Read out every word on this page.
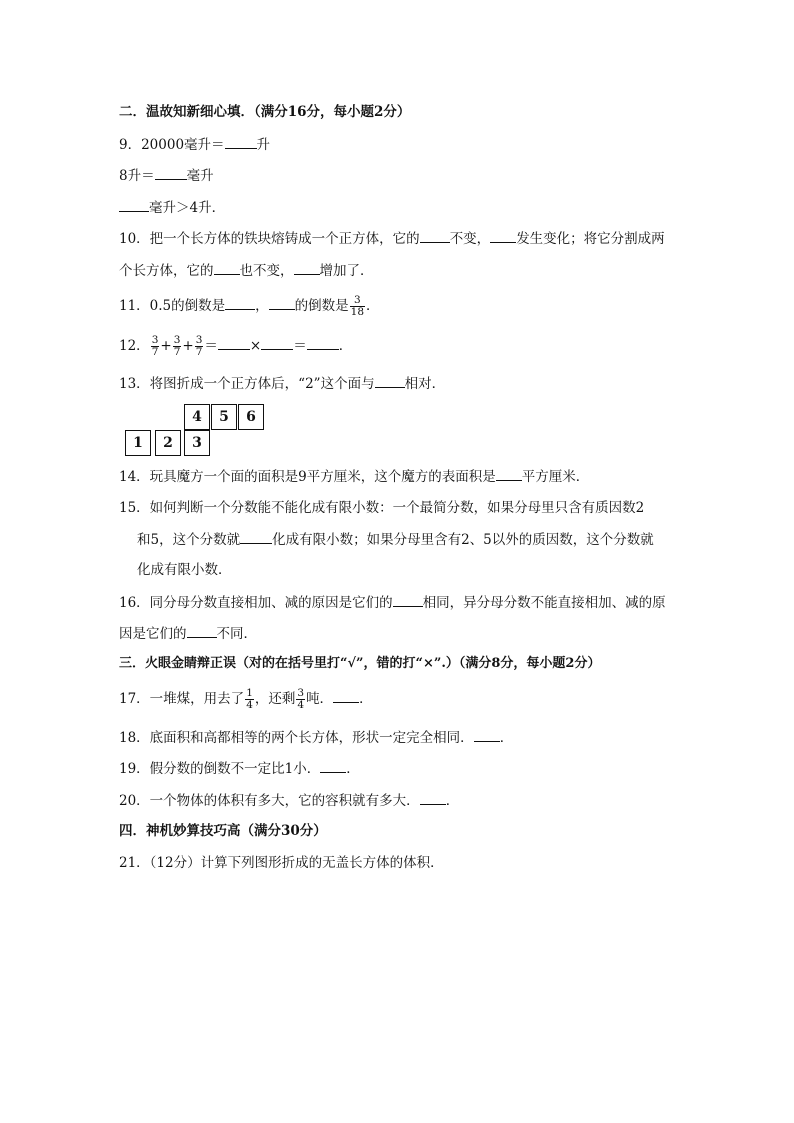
二．温故知新细心填．（满分16分，每小题2分）
9．20000毫升＝ 升
8升＝ 毫升
毫升＞4升．
10．把一个长方体的铁块熔铸成一个正方体，它的 不变， 发生变化；将它分割成两
个长方体，它的 也不变， 增加了．
11．0.5的倒数是 ， 的倒数是 $\frac{3}{18}$ ．
12． $\frac{3}{7} + \frac{3}{7} + \frac{3}{7}$ ＝ × ＝ ．
13．将图折成一个正方体后，“2”这个面与 相对．
4	5	6
1	2	3
14．玩具魔方一个面的面积是9平方厘米，这个魔方的表面积是 平方厘米．
15．如何判断一个分数能不能化成有限小数：一个最简分数，如果分母里只含有质因数2
和5，这个分数就 化成有限小数；如果分母里含有2、5以外的质因数，这个分数就
化成有限小数．
16．同分母分数直接相加、减的原因是它们的 相同，异分母分数不能直接相加、减的原
因是它们的 不同．
三．火眼金睛辩正误（对的在括号里打“√”，错的打“×”.）（满分8分，每小题2分）
17．一堆煤，用去了 $\frac{1}{4}$ ，还剩 $\frac{3}{4}$ 吨． ．
18．底面积和高都相等的两个长方体，形状一定完全相同． ．
19．假分数的倒数不一定比1小． ．
20．一个物体的体积有多大，它的容积就有多大． ．
四．神机妙算技巧高（满分30分）
21．（12分）计算下列图形折成的无盖长方体的体积．
